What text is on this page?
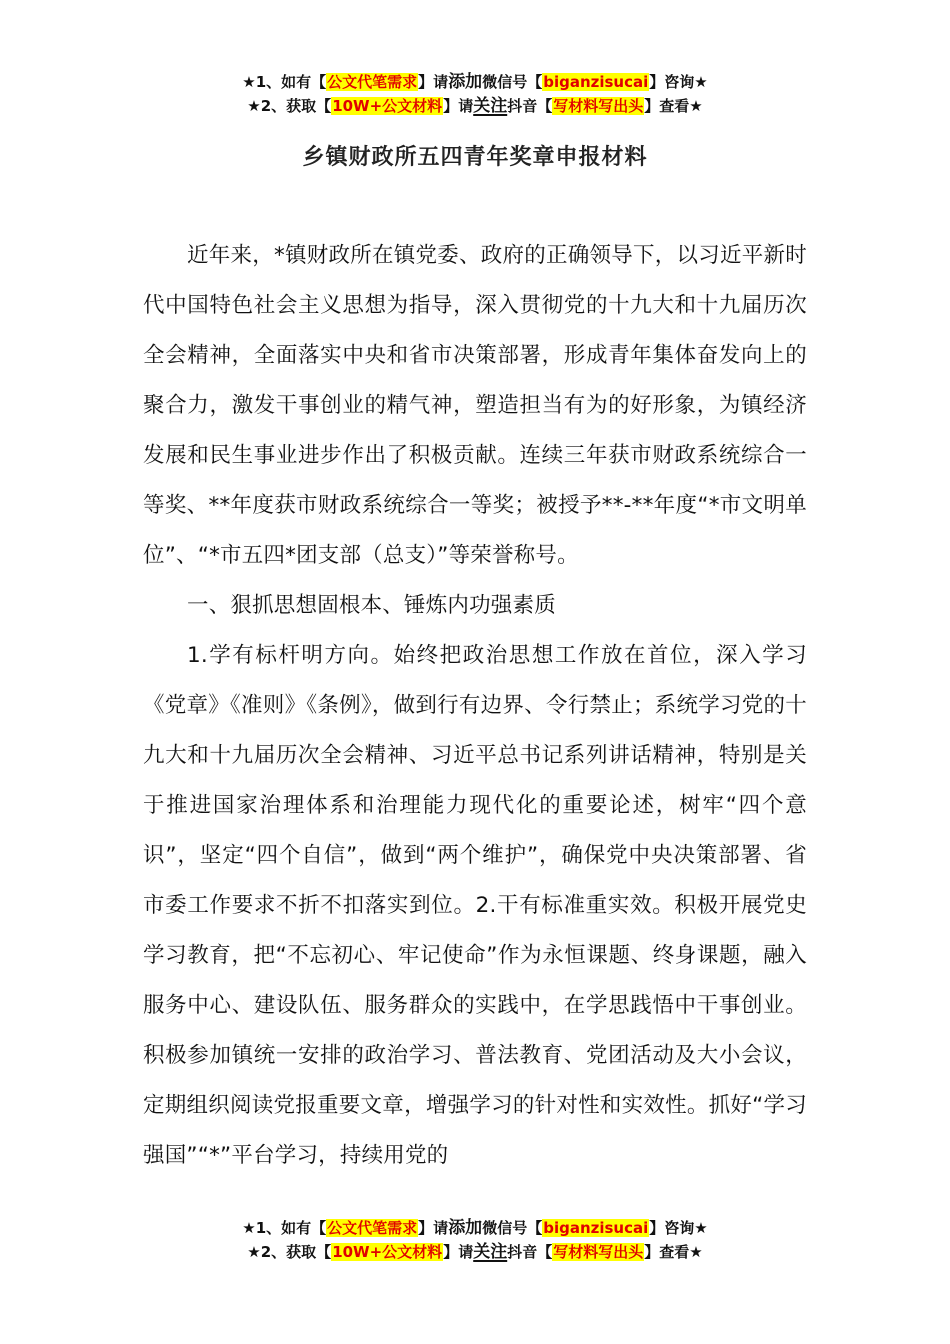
★1、如有【公文代笔需求】请添加微信号【biganzisucai】咨询★
★2、获取【10W+公文材料】请关注抖音【写材料写出头】查看★
乡镇财政所五四青年奖章申报材料

近年来，*镇财政所在镇党委、政府的正确领导下，以习近平新时代中国特色社会主义思想为指导，深入贯彻党的十九大和十九届历次全会精神，全面落实中央和省市决策部署，形成青年集体奋发向上的聚合力，激发干事创业的精气神，塑造担当有为的好形象，为镇经济发展和民生事业进步作出了积极贡献。连续三年获市财政系统综合一等奖、**年度获市财政系统综合一等奖；被授予**-**年度“*市文明单位”、“*市五四*团支部（总支）”等荣誉称号。

一、狠抓思想固根本、锤炼内功强素质

1.学有标杆明方向。始终把政治思想工作放在首位，深入学习《党章》《准则》《条例》，做到行有边界、令行禁止；系统学习党的十九大和十九届历次全会精神、习近平总书记系列讲话精神，特别是关于推进国家治理体系和治理能力现代化的重要论述，树牢“四个意识”，坚定“四个自信”，做到“两个维护”，确保党中央决策部署、省市委工作要求不折不扣落实到位。2.干有标准重实效。积极开展党史学习教育，把“不忘初心、牢记使命”作为永恒课题、终身课题，融入服务中心、建设队伍、服务群众的实践中，在学思践悟中干事创业。积极参加镇统一安排的政治学习、普法教育、党团活动及大小会议，定期组织阅读党报重要文章，增强学习的针对性和实效性。抓好“学习强国”“*”平台学习，持续用党的

★1、如有【公文代笔需求】请添加微信号【biganzisucai】咨询★
★2、获取【10W+公文材料】请关注抖音【写材料写出头】查看★
